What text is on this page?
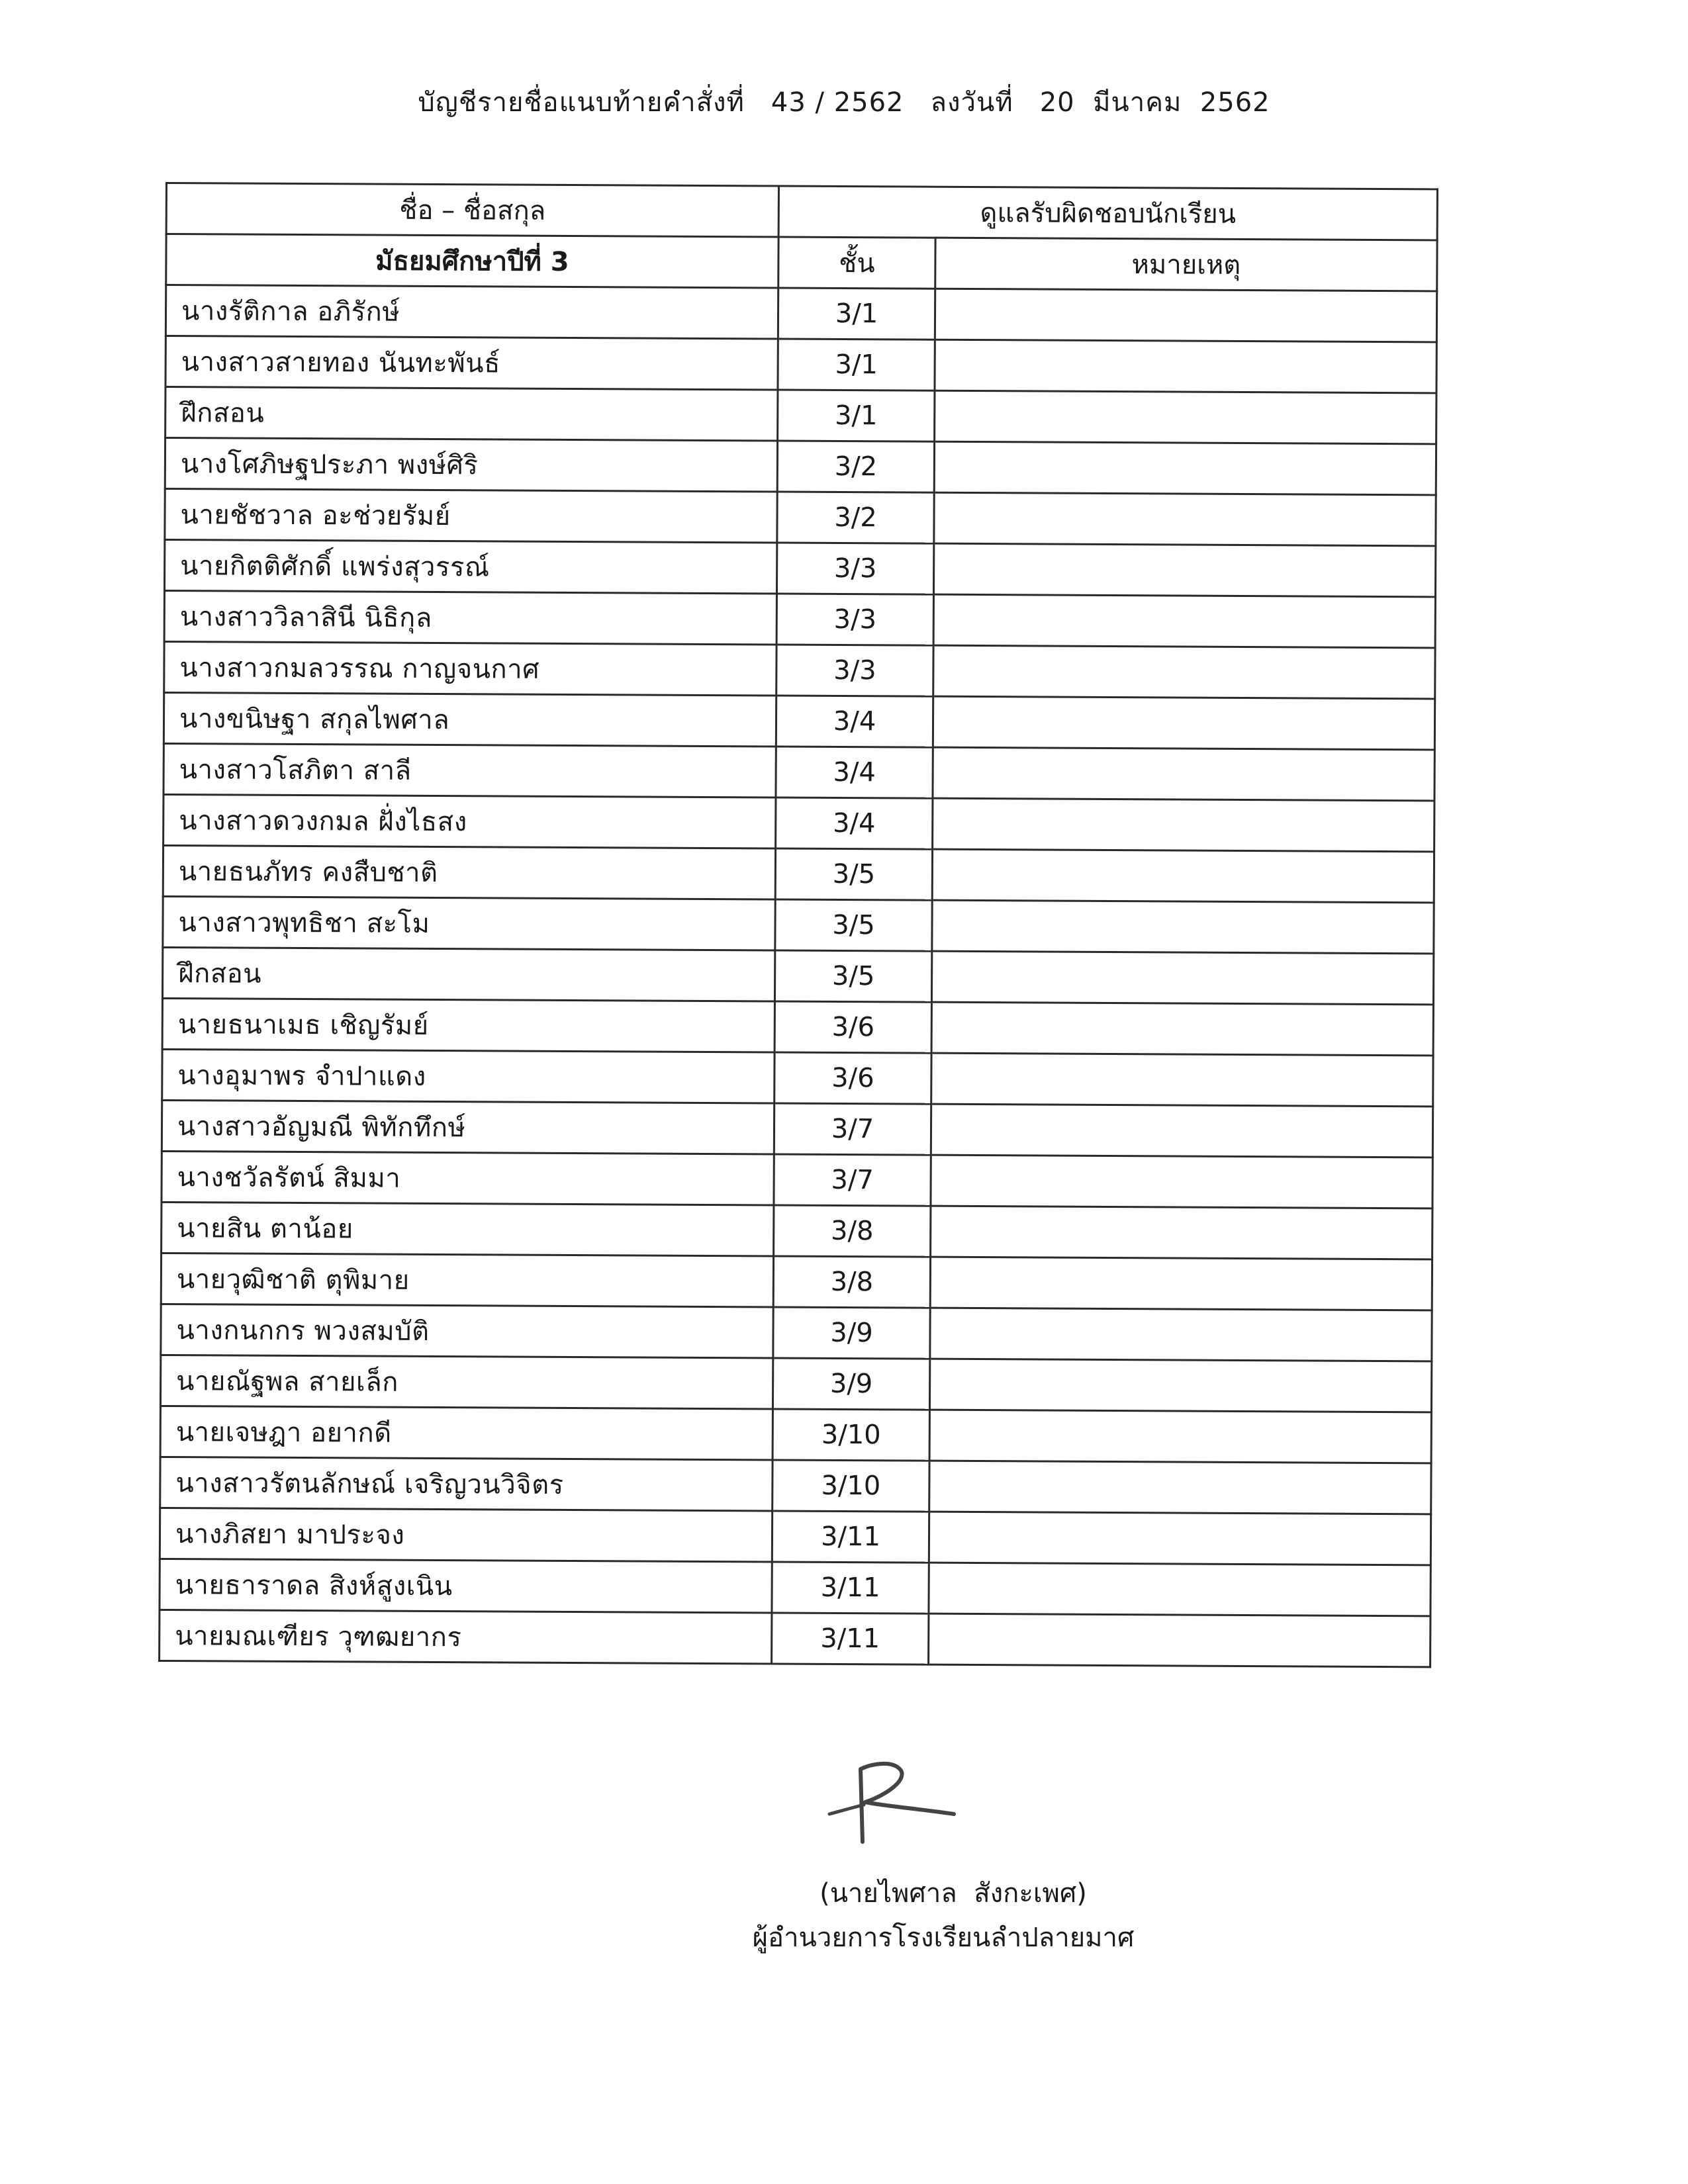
บัญชีรายชื่อแนบท้ายคำสั่งที่ 43 / 2562 ลงวันที่ 20  มีนาคม  2562
ชื่อ – ชื่อสกุล	ดูแลรับผิดชอบนักเรียน	
มัธยมศึกษาปีที่ 3	ชั้น	หมายเหตุ
นางรัติกาล อภิรักษ์	3/1	
นางสาวสายทอง นันทะพันธ์	3/1	
ฝึกสอน	3/1	
นางโศภิษฐประภา พงษ์ศิริ	3/2	
นายชัชวาล อะช่วยรัมย์	3/2	
นายกิตติศักดิ์ แพร่งสุวรรณ์	3/3	
นางสาววิลาสินี นิธิกุล	3/3	
นางสาวกมลวรรณ กาญจนกาศ	3/3	
นางขนิษฐา สกุลไพศาล	3/4	
นางสาวโสภิตา สาลี	3/4	
นางสาวดวงกมล ฝั่งไธสง	3/4	
นายธนภัทร คงสืบชาติ	3/5	
นางสาวพุทธิชา สะโม	3/5	
ฝึกสอน	3/5	
นายธนาเมธ เชิญรัมย์	3/6	
นางอุมาพร จำปาแดง	3/6	
นางสาวอัญมณี พิทักทึกษ์	3/7	
นางชวัลรัตน์ สิมมา	3/7	
นายสิน ตาน้อย	3/8	
นายวุฒิชาติ ตุพิมาย	3/8	
นางกนกกร พวงสมบัติ	3/9	
นายณัฐพล สายเล็ก	3/9	
นายเจษฎา อยากดี	3/10	
นางสาวรัตนลักษณ์ เจริญวนวิจิตร	3/10	
นางภิสยา มาประจง	3/11	
นายธาราดล สิงห์สูงเนิน	3/11	
นายมณเฑียร วุฑฒยากร	3/11	
(นายไพศาล  สังกะเพศ)
ผู้อำนวยการโรงเรียนลำปลายมาศ
